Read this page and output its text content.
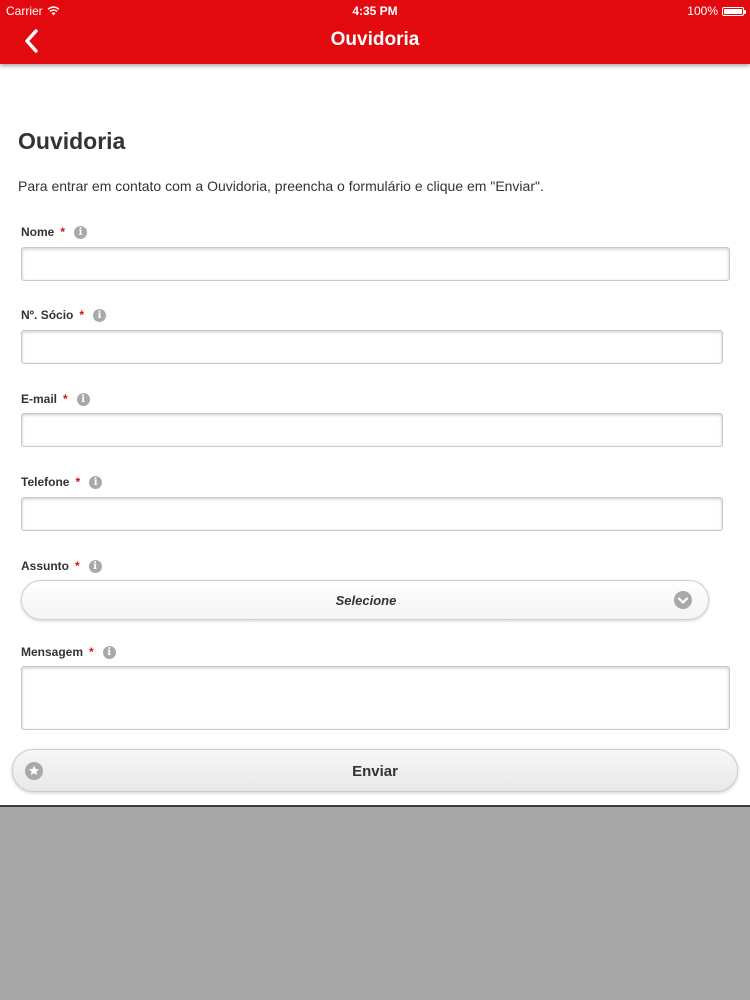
Carrier	4:35 PM	100%
Ouvidoria
Ouvidoria

Para entrar em contato com a Ouvidoria, preencha o formulário e clique em "Enviar".

Nome *	i
Nº. Sócio *	i
E-mail *	i
Telefone *	i
Assunto *	i
Selecione
Mensagem *	i
Enviar
